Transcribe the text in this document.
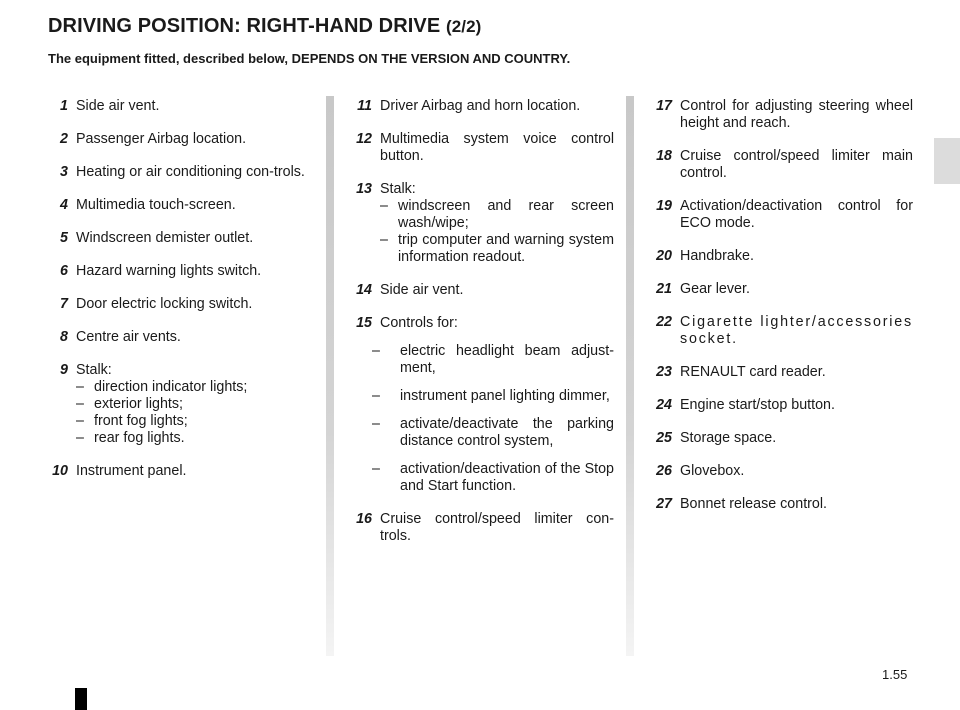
DRIVING POSITION: RIGHT-HAND DRIVE (2/2)

The equipment fitted, described below, DEPENDS ON THE VERSION AND COUNTRY.

1 Side air vent.
2 Passenger Airbag location.
3 Heating or air conditioning con-trols.
4 Multimedia touch-screen.
5 Windscreen demister outlet.
6 Hazard warning lights switch.
7 Door electric locking switch.
8 Centre air vents.
9 Stalk:
– direction indicator lights;
– exterior lights;
– front fog lights;
– rear fog lights.
10 Instrument panel.
11 Driver Airbag and horn location.
12 Multimedia system voice control button.
13 Stalk:
– windscreen and rear screen wash/wipe;
– trip computer and warning system information readout.
14 Side air vent.
15 Controls for:
–	electric headlight beam adjust-ment,
–	instrument panel lighting dimmer,
–	activate/deactivate the parking distance control system,
–	activation/deactivation of the Stop and Start function.
16 Cruise control/speed limiter con-trols.
17 Control for adjusting steering wheel height and reach.
18 Cruise control/speed limiter main control.
19 Activation/deactivation control for ECO mode.
20 Handbrake.
21 Gear lever.
22 Cigarette lighter/accessories socket.
23 RENAULT card reader.
24 Engine start/stop button.
25 Storage space.
26 Glovebox.
27 Bonnet release control.
1.55
